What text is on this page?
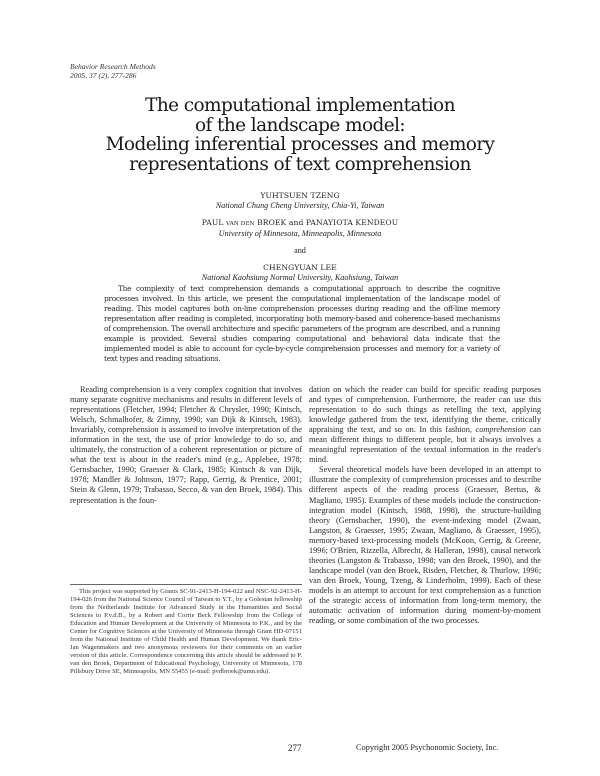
Behavior Research Methods
2005, 37 (2), 277-286
The computational implementation
of the landscape model:
Modeling inferential processes and memory
representations of text comprehension
YUHTSUEN TZENG
National Chung Cheng University, Chia-Yi, Taiwan
PAUL VAN DEN BROEK and PANAYIOTA KENDEOU
University of Minnesota, Minneapolis, Minnesota
and
CHENGYUAN LEE
National Kaohsiung Normal University, Kaohsiung, Taiwan
The complexity of text comprehension demands a computational approach to describe the cognitive processes involved. In this article, we present the computational implementation of the landscape model of reading. This model captures both on-line comprehension processes during reading and the off-line memory representation after reading is completed, incorporating both memory-based and coherence-based mechanisms of comprehension. The overall architecture and specific parameters of the program are described, and a running example is provided. Several studies comparing computational and behavioral data indicate that the implemented model is able to account for cycle-by-cycle comprehension processes and memory for a variety of text types and reading situations.

Reading comprehension is a very complex cognition that involves many separate cognitive mechanisms and results in different levels of representations (Fletcher, 1994; Fletcher & Chrysler, 1990; Kintsch, Welsch, Schmalhofer, & Zimny, 1990; van Dijk & Kintsch, 1983). Invariably, comprehension is assumed to involve interpretation of the information in the text, the use of prior knowledge to do so, and ultimately, the construction of a coherent representation or picture of what the text is about in the reader's mind (e.g., Applebee, 1978; Gernsbacher, 1990; Graesser & Clark, 1985; Kintsch & van Dijk, 1978; Mandler & Johnson, 1977; Rapp, Gerrig, & Prentice, 2001; Stein & Glenn, 1979; Trabasso, Secco, & van den Broek, 1984). This representation is the foun-

dation on which the reader can build for specific reading purposes and types of comprehension. Furthermore, the reader can use this representation to do such things as retelling the text, applying knowledge gathered from the text, identifying the theme, critically appraising the text, and so on. In this fashion, comprehension can mean different things to different people, but it always involves a meaningful representation of the textual information in the reader's mind.

Several theoretical models have been developed in an attempt to illustrate the complexity of comprehension processes and to describe different aspects of the reading process (Graesser, Bertus, & Magliano, 1995). Examples of these models include the construction-integration model (Kintsch, 1988, 1998), the structure-building theory (Gernsbacher, 1990), the event-indexing model (Zwaan, Langston, & Graesser, 1995; Zwaan, Magliano, & Graesser, 1995), memory-based text-processing models (McKoon, Gerrig, & Greene, 1996; O'Brien, Rizzella, Albrecht, & Halleran, 1998), causal network theories (Langston & Trabasso, 1998; van den Broek, 1990), and the landscape model (van den Broek, Risden, Fletcher, & Thurlow, 1996; van den Broek, Young, Tzeng, & Linderholm, 1999). Each of these models is an attempt to account for text comprehension as a function of the strategic access of information from long-term memory, the automatic activation of information during moment-by-moment reading, or some combination of the two processes.

This project was supported by Grants SC-91-2413-H-194-022 and NSC-92-2413-H-194-026 from the National Science Council of Taiwan to Y.T., by a Golestan fellowship from the Netherlands Institute for Advanced Study in the Humanities and Social Sciences to P.v.d.B., by a Robert and Corrie Beck Fellowship from the College of Education and Human Development at the University of Minnesota to P.K., and by the Center for Cognitive Sciences at the University of Minnesota through Grant HD-07151 from the National Institute of Child Health and Human Development. We thank Eric-Jan Wagenmakers and two anonymous reviewers for their comments on an earlier version of this article. Correspondence concerning this article should be addressed to P. van den Broek, Department of Educational Psychology, University of Minnesota, 178 Pillsbury Drive SE, Minneapolis, MN 55455 (e-mail: pvdbroek@umn.edu).
277	Copyright 2005 Psychonomic Society, Inc.
